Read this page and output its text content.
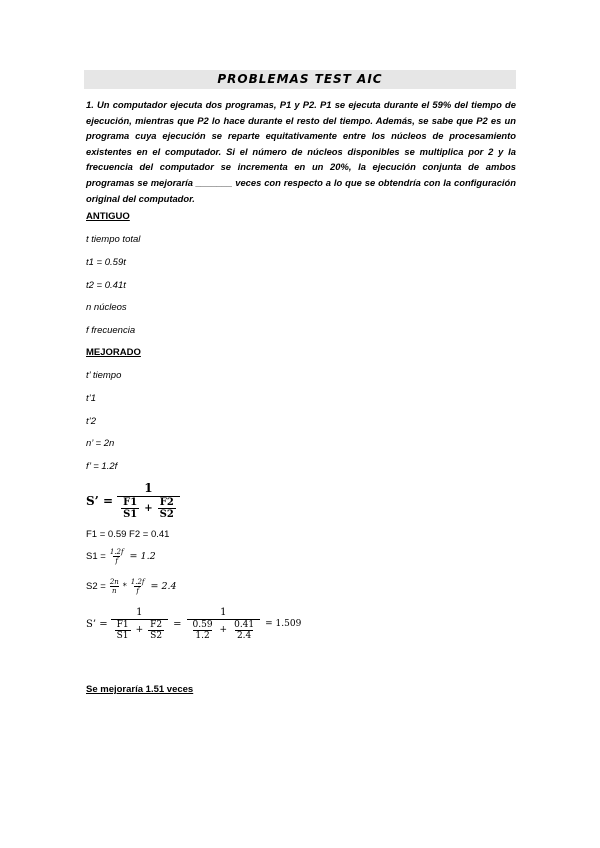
PROBLEMAS TEST AIC

1. Un computador ejecuta dos programas, P1 y P2. P1 se ejecuta durante el 59% del tiempo de ejecución, mientras que P2 lo hace durante el resto del tiempo. Además, se sabe que P2 es un programa cuya ejecución se reparte equitativamente entre los núcleos de procesamiento existentes en el computador. Si el número de núcleos disponibles se multiplica por 2 y la frecuencia del computador se incrementa en un 20%, la ejecución conjunta de ambos programas se mejoraría _______ veces con respecto a lo que se obtendría con la configuración original del computador.

ANTIGUO

t tiempo total

t1 = 0.59t

t2 = 0.41t

n núcleos

f frecuencia

MEJORADO

t’ tiempo

t’1

t’2

n’ = 2n

f’ = 1.2f

S’ =
1
$\frac{F1}{S1} + \frac{F2}{S2}$

F1 = 0.59 F2 = 0.41

$S1 = \frac{1.2f}{f} = 1.2$
$S2 = \frac{2n}{n} * \frac{1.2f}{f} = 2.4$
S’ =
1
$\frac{F1}{S1} + \frac{F2}{S2}$ =
1
$\frac{0.59}{1.2} + \frac{0.41}{2.4} = 1.509$

Se mejoraría 1.51 veces
